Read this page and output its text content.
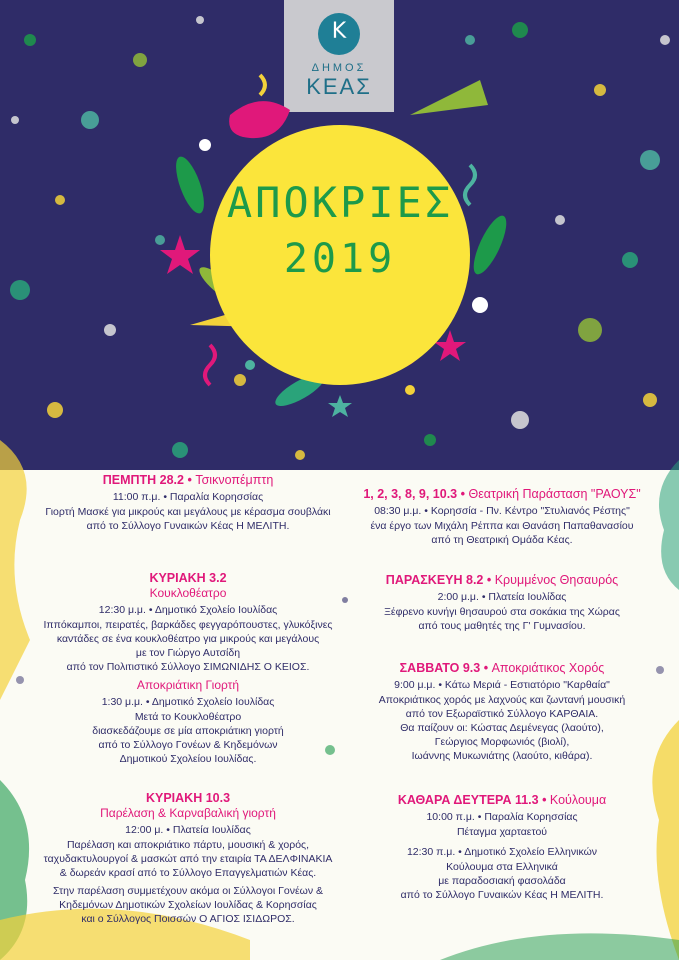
Κ
ΔΗΜΟΣ
ΚΕΑΣ
ΑΠΟΚΡΙΕΣ
2019
ΠΕΜΠΤΗ 28.2 • Τσικνοπέμπτη
11:00 π.μ. • Παραλία Κορησσίας
Γιορτή Μασκέ για μικρούς και μεγάλους με κέρασμα σουβλάκι
από το Σύλλογο Γυναικών Κέας Η ΜΕΛΙΤΗ.
ΚΥΡΙΑΚΗ 3.2
Κουκλοθέατρο
12:30 μ.μ. • Δημοτικό Σχολείο Ιουλίδας
Ιππόκαμποι, πειρατές, βαρκάδες φεγγαρόπουστες, γλυκόξινες
καντάδες σε ένα κουκλοθέατρο για μικρούς και μεγάλους
με τον Γιώργο Αυτσίδη
από τον Πολιτιστικό Σύλλογο ΣΙΜΩΝΙΔΗΣ Ο ΚΕΙΟΣ.
Αποκριάτικη Γιορτή
1:30 μ.μ. • Δημοτικό Σχολείο Ιουλίδας
Μετά το Κουκλοθέατρο
διασκεδάζουμε σε μία αποκριάτικη γιορτή
από το Σύλλογο Γονέων & Κηδεμόνων
Δημοτικού Σχολείου Ιουλίδας.
ΚΥΡΙΑΚΗ 10.3
Παρέλαση & Καρναβαλική γιορτή
12:00 μ. • Πλατεία Ιουλίδας
Παρέλαση και αποκριάτικο πάρτυ, μουσική & χορός,
ταχυδακτυλουργοί & μασκώτ από την εταιρία ΤΑ ΔΕΛΦΙΝΑΚΙΑ
& δωρεάν κρασί από το Σύλλογο Επαγγελματιών Κέας.
Στην παρέλαση συμμετέχουν ακόμα οι Σύλλογοι Γονέων &
Κηδεμόνων Δημοτικών Σχολείων Ιουλίδας & Κορησσίας
και ο Σύλλογος Ποισσών Ο ΑΓΙΟΣ ΙΣΙΔΩΡΟΣ.
1, 2, 3, 8, 9, 10.3 • Θεατρική Παράσταση "ΡΑΟΥΣ"
08:30 μ.μ. • Κορησσία - Πν. Κέντρο "Στυλιανός Ρέστης"
ένα έργο των Μιχάλη Ρέππα και Θανάση Παπαθανασίου
από τη Θεατρική Ομάδα Κέας.
ΠΑΡΑΣΚΕΥΗ 8.2 • Κρυμμένος Θησαυρός
2:00 μ.μ. • Πλατεία Ιουλίδας
Ξέφρενο κυνήγι θησαυρού στα σοκάκια της Χώρας
από τους μαθητές της Γ' Γυμνασίου.
ΣΑΒΒΑΤΟ 9.3 • Αποκριάτικος Χορός
9:00 μ.μ. • Κάτω Μεριά - Εστιατόριο "Καρθαία"
Αποκριάτικος χορός με λαχνούς και ζωντανή μουσική
από τον Εξωραϊστικό Σύλλογο ΚΑΡΘΑΙΑ.
Θα παίζουν οι: Κώστας Δεμένεγας (λαούτο),
Γεώργιος Μορφωνιός (βιολί),
Ιωάννης Μυκωνιάτης (λαούτο, κιθάρα).
ΚΑΘΑΡΑ ΔΕΥΤΕΡΑ 11.3 • Κούλουμα
10:00 π.μ. • Παραλία Κορησσίας
Πέταγμα χαρταετού
12:30 π.μ. • Δημοτικό Σχολείο Ελληνικών
Κούλουμα στα Ελληνικά
με παραδοσιακή φασολάδα
από το Σύλλογο Γυναικών Κέας Η ΜΕΛΙΤΗ.
